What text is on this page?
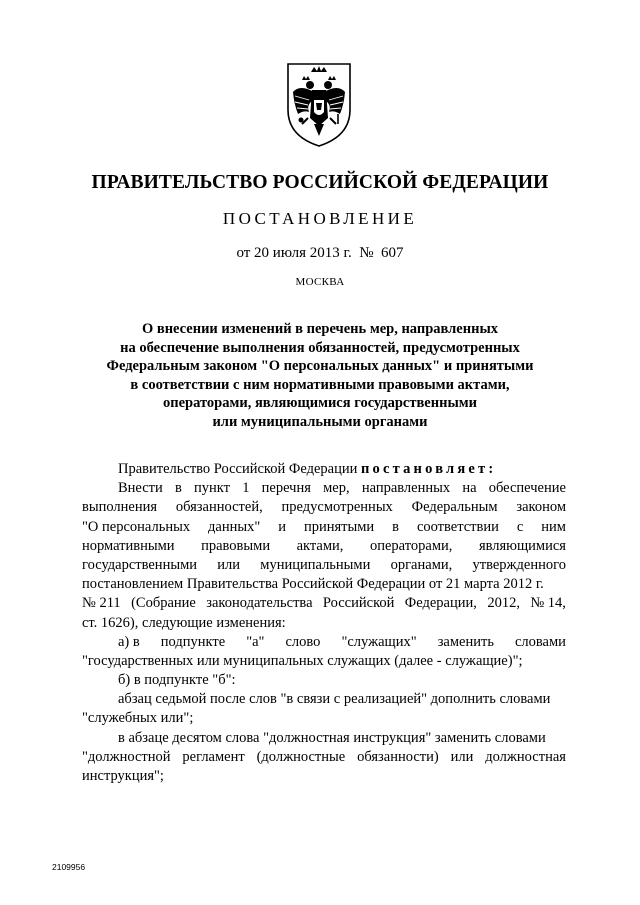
ПРАВИТЕЛЬСТВО РОССИЙСКОЙ ФЕДЕРАЦИИ
ПОСТАНОВЛЕНИЕ
от 20 июля 2013 г.  №  607
МОСКВА
О внесении изменений в перечень мер, направленных
на обеспечение выполнения обязанностей, предусмотренных
Федеральным законом "О персональных данных" и принятыми
в соответствии с ним нормативными правовыми актами,
операторами, являющимися государственными
или муниципальными органами
Правительство Российской Федерации постановляет:
Внести в пункт 1 перечня мер, направленных на обеспечение
выполнения обязанностей, предусмотренных Федеральным законом
"О персональных данных" и принятыми в соответствии с ним
нормативными правовыми актами, операторами, являющимися
государственными или муниципальными органами, утвержденного
постановлением Правительства Российской Федерации от 21 марта 2012 г.
№ 211 (Собрание законодательства Российской Федерации, 2012, № 14,
ст. 1626), следующие изменения:
а) в подпункте "а" слово "служащих" заменить словами
"государственных или муниципальных служащих (далее - служащие)";
б) в подпункте "б":
абзац седьмой после слов "в связи с реализацией" дополнить словами
"служебных или";
в абзаце десятом слова "должностная инструкция" заменить словами
"должностной регламент (должностные обязанности) или должностная
инструкция";
2109956
